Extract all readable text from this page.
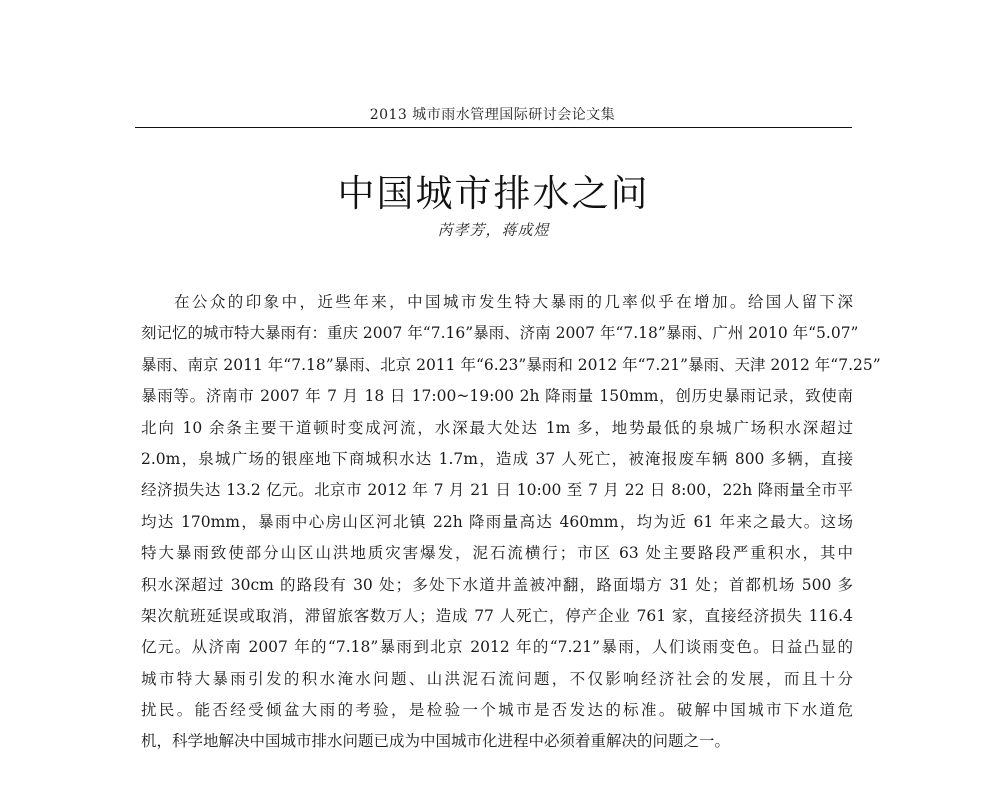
2013 城市雨水管理国际研讨会论文集
中国城市排水之问
芮孝芳，蒋成煜
在公众的印象中，近些年来，中国城市发生特大暴雨的几率似乎在增加。给国人留下深
刻记忆的城市特大暴雨有：重庆 2007 年“7.16”暴雨、济南 2007 年“7.18”暴雨、广州 2010 年“5.07”
暴雨、南京 2011 年“7.18”暴雨、北京 2011 年“6.23”暴雨和 2012 年“7.21”暴雨、天津 2012 年“7.25”
暴雨等。济南市 2007 年 7 月 18 日 17:00~19:00 2h 降雨量 150mm，创历史暴雨记录，致使南
北向 10 余条主要干道顿时变成河流，水深最大处达 1m 多，地势最低的泉城广场积水深超过
2.0m，泉城广场的银座地下商城积水达 1.7m，造成 37 人死亡，被淹报废车辆 800 多辆，直接
经济损失达 13.2 亿元。北京市 2012 年 7 月 21 日 10:00 至 7 月 22 日 8:00，22h 降雨量全市平
均达 170mm，暴雨中心房山区河北镇 22h 降雨量高达 460mm，均为近 61 年来之最大。这场
特大暴雨致使部分山区山洪地质灾害爆发，泥石流横行；市区 63 处主要路段严重积水，其中
积水深超过 30cm 的路段有 30 处；多处下水道井盖被冲翻，路面塌方 31 处；首都机场 500 多
架次航班延误或取消，滞留旅客数万人；造成 77 人死亡，停产企业 761 家，直接经济损失 116.4
亿元。从济南 2007 年的“7.18”暴雨到北京 2012 年的“7.21”暴雨，人们谈雨变色。日益凸显的
城市特大暴雨引发的积水淹水问题、山洪泥石流问题，不仅影响经济社会的发展，而且十分
扰民。能否经受倾盆大雨的考验，是检验一个城市是否发达的标准。破解中国城市下水道危
机，科学地解决中国城市排水问题已成为中国城市化进程中必须着重解决的问题之一。
